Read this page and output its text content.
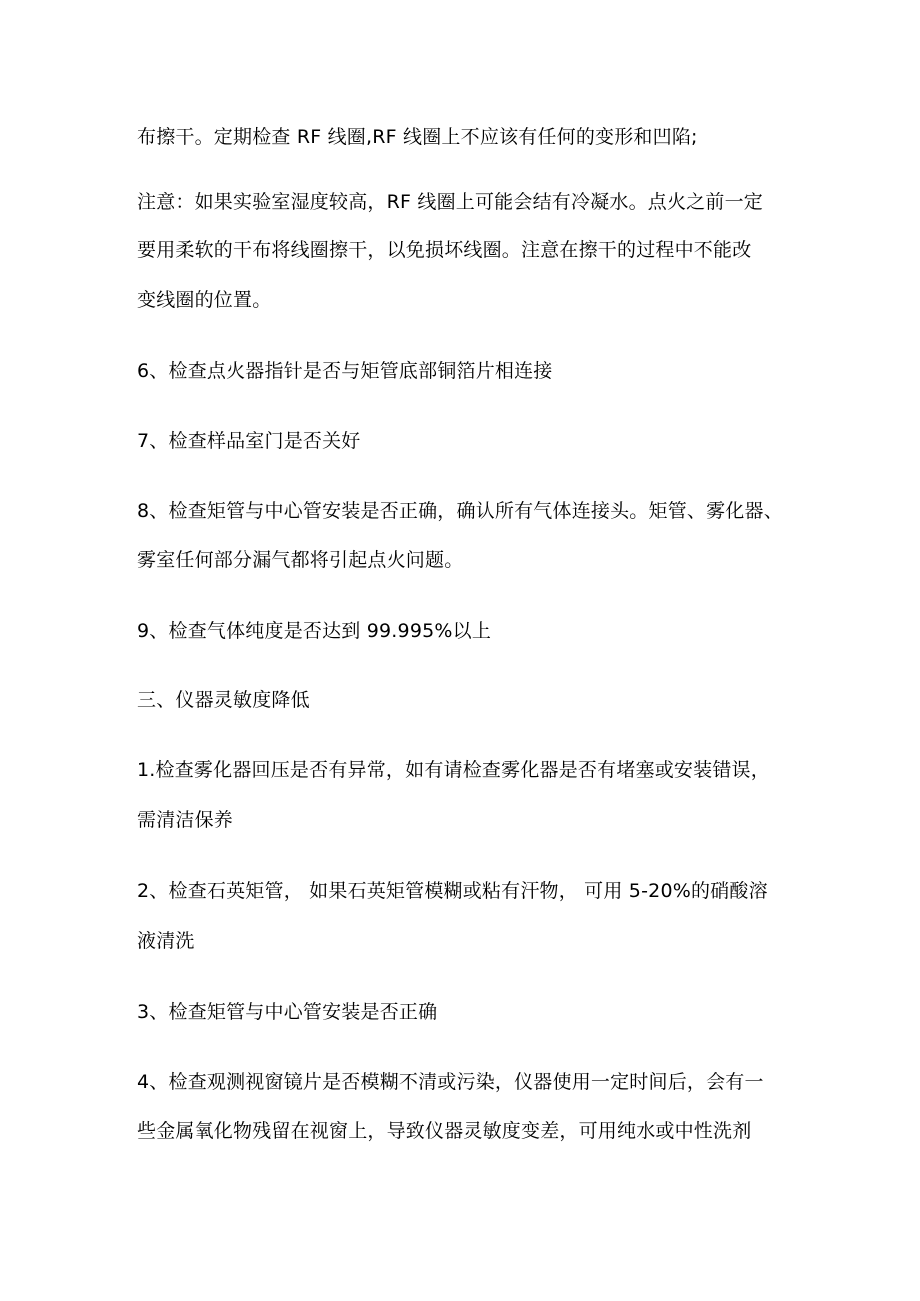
布擦干。定期检查 RF 线圈,RF 线圈上不应该有任何的变形和凹陷;
注意：如果实验室湿度较高，RF 线圈上可能会结有冷凝水。点火之前一定
要用柔软的干布将线圈擦干，以免损坏线圈。注意在擦干的过程中不能改
变线圈的位置。
6、检查点火器指针是否与矩管底部铜箔片相连接
7、检查样品室门是否关好
8、检查矩管与中心管安装是否正确，确认所有气体连接头。矩管、雾化器、
雾室任何部分漏气都将引起点火问题。
9、检查气体纯度是否达到 99.995%以上
三、仪器灵敏度降低
1.检查雾化器回压是否有异常，如有请检查雾化器是否有堵塞或安装错误，
需清洁保养
2、检查石英矩管， 如果石英矩管模糊或粘有汗物， 可用 5-20%的硝酸溶
液清洗
3、检查矩管与中心管安装是否正确
4、检查观测视窗镜片是否模糊不清或污染，仪器使用一定时间后，会有一
些金属氧化物残留在视窗上，导致仪器灵敏度变差，可用纯水或中性洗剂
